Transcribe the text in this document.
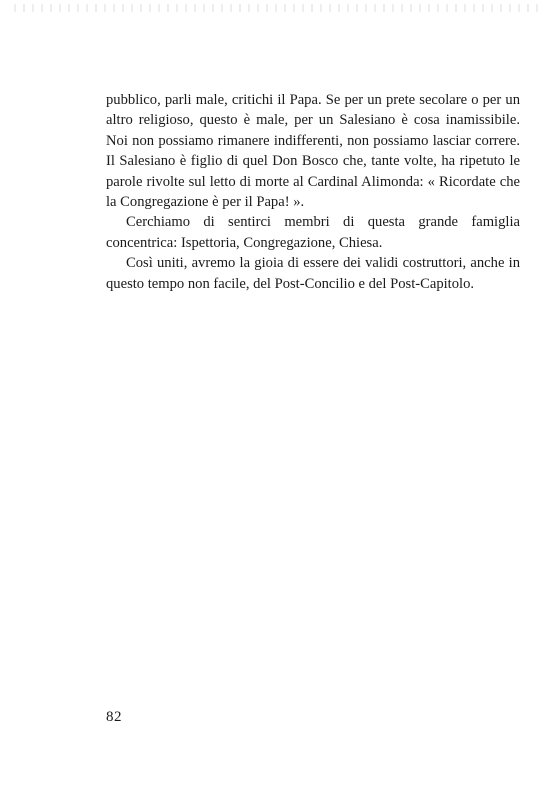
pubblico, parli male, critichi il Papa. Se per un prete secolare o per un altro religioso, questo è male, per un Salesiano è cosa inamissibile. Noi non possiamo rimanere indifferenti, non possiamo lasciar correre. Il Salesiano è figlio di quel Don Bosco che, tante volte, ha ripetuto le parole rivolte sul letto di morte al Cardinal Alimonda: « Ricordate che la Congregazione è per il Papa! ».

Cerchiamo di sentirci membri di questa grande famiglia concentrica: Ispettoria, Congregazione, Chiesa.

Così uniti, avremo la gioia di essere dei validi costruttori, anche in questo tempo non facile, del Post-Concilio e del Post-Capitolo.

82
